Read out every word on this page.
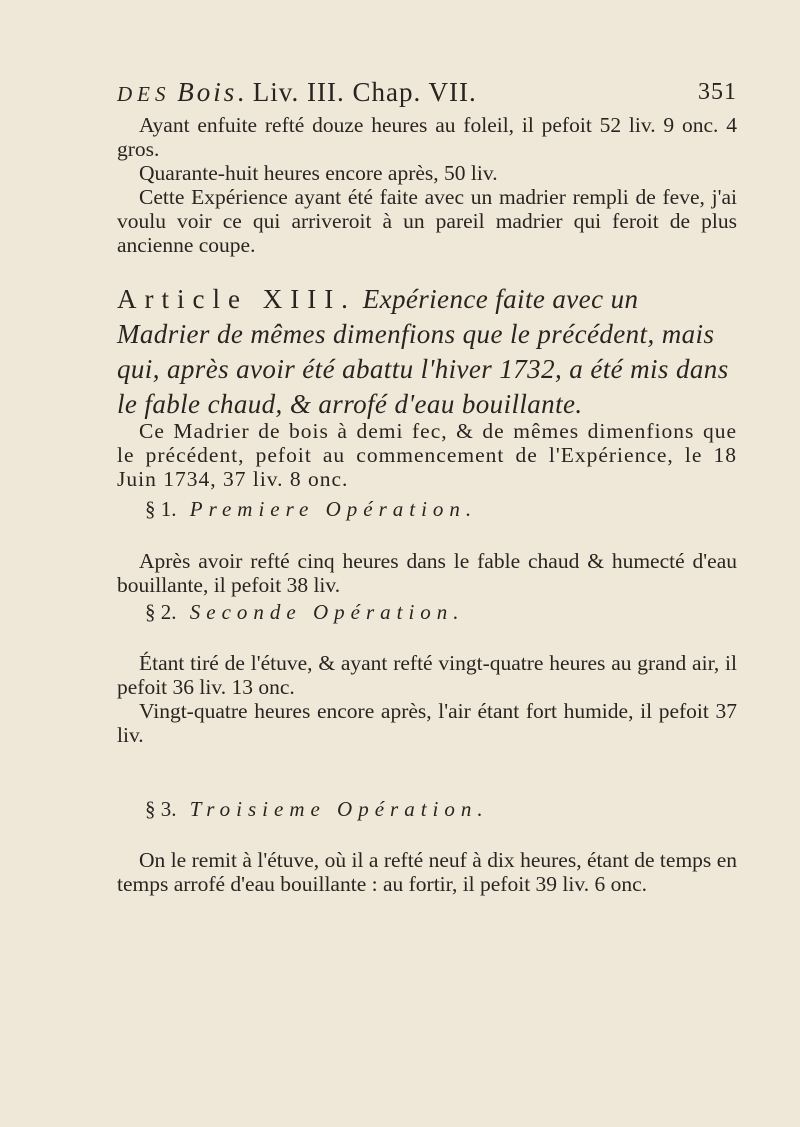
DES Bois. Liv. III. Chap. VII.	351

Ayant enfuite refté douze heures au foleil, il pefoit 52 liv. 9 onc. 4 gros.

Quarante-huit heures encore après, 50 liv.

Cette Expérience ayant été faite avec un madrier rempli de feve, j'ai voulu voir ce qui arriveroit à un pareil madrier qui feroit de plus ancienne coupe.

Article XIII. Expérience faite avec un Madrier de mêmes dimenfions que le précédent, mais qui, après avoir été abattu l'hiver 1732, a été mis dans le fable chaud, & arrofé d'eau bouillante.

Ce Madrier de bois à demi fec, & de mêmes dimenfions que le précédent, pefoit au commencement de l'Expérience, le 18 Juin 1734, 37 liv. 8 onc.

§ 1. Premiere Opération.

Après avoir refté cinq heures dans le fable chaud & humecté d'eau bouillante, il pefoit 38 liv.

§ 2. Seconde Opération.

Étant tiré de l'étuve, & ayant refté vingt-quatre heures au grand air, il pefoit 36 liv. 13 onc.

Vingt-quatre heures encore après, l'air étant fort humide, il pefoit 37 liv.

§ 3. Troisieme Opération.

On le remit à l'étuve, où il a refté neuf à dix heures, étant de temps en temps arrofé d'eau bouillante : au fortir, il pefoit 39 liv. 6 onc.
